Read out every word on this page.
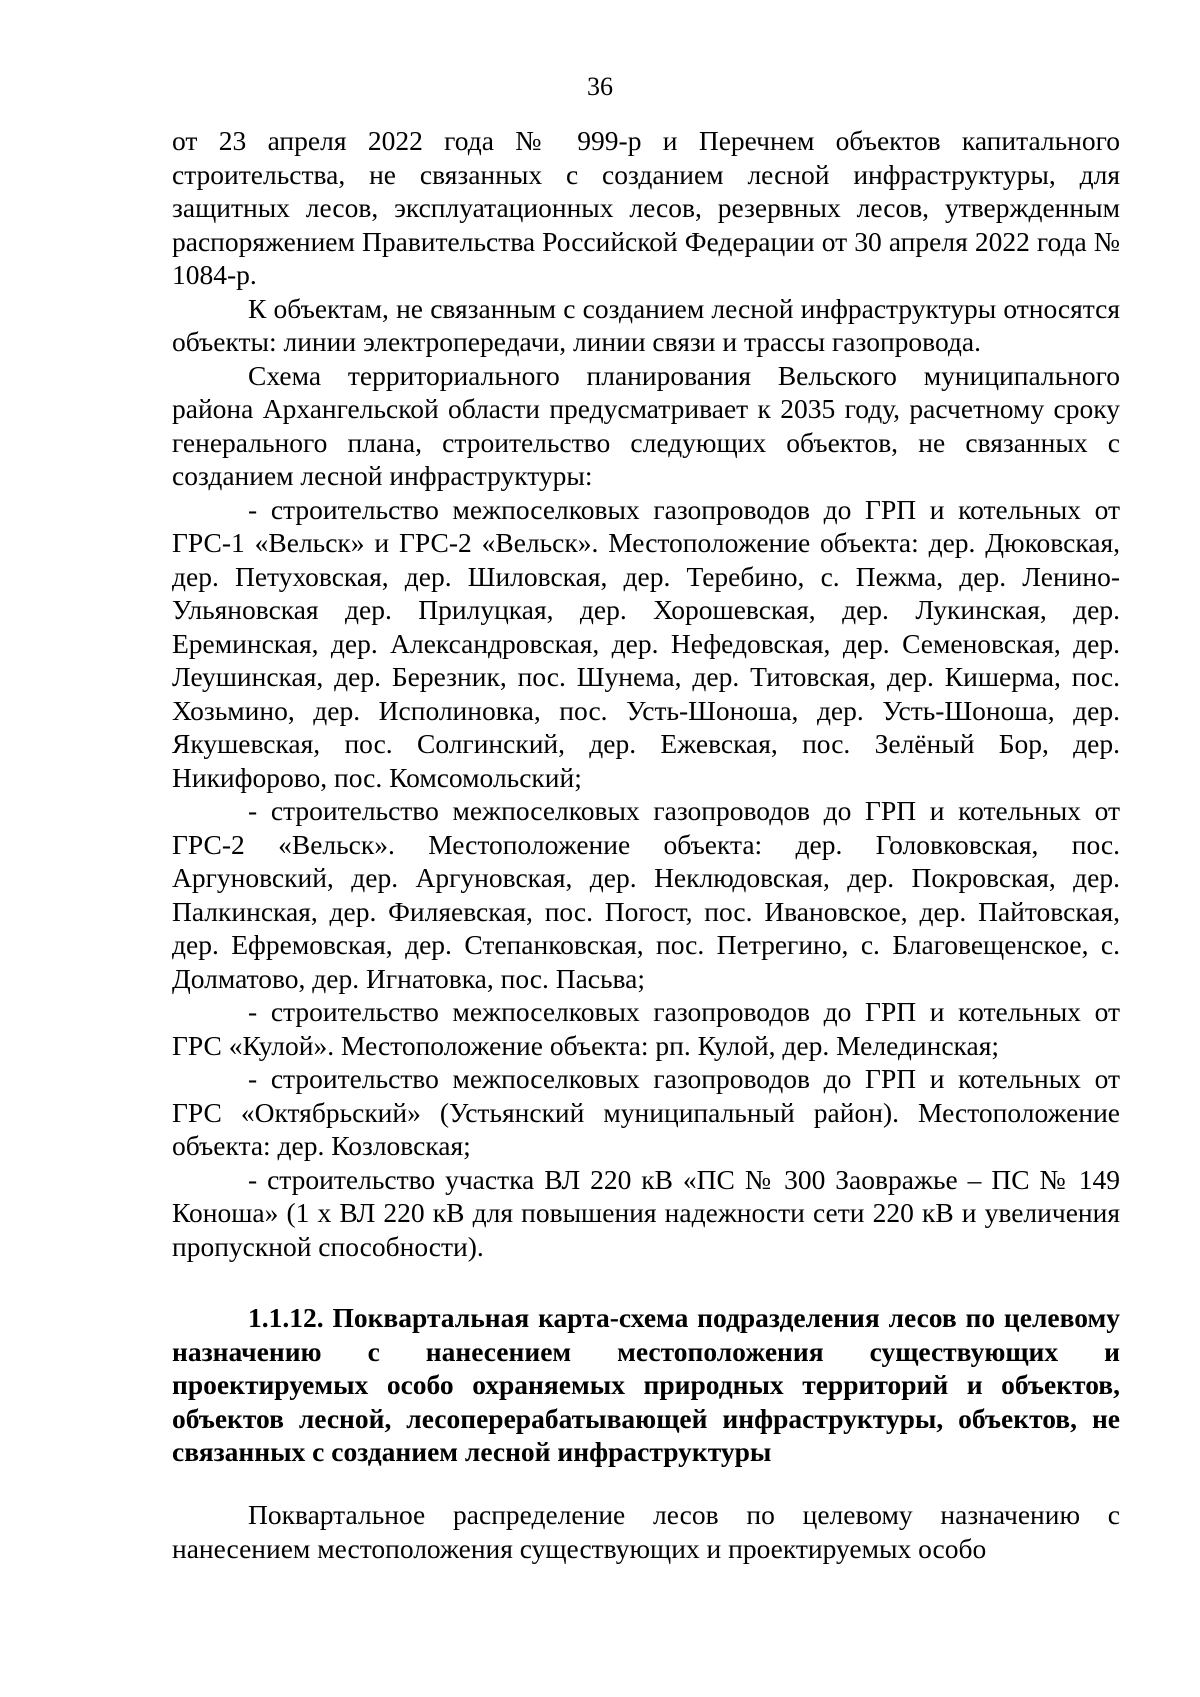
36

от 23 апреля 2022 года № 999-р и Перечнем объектов капитального строительства, не связанных с созданием лесной инфраструктуры, для защитных лесов, эксплуатационных лесов, резервных лесов, утвержденным распоряжением Правительства Российской Федерации от 30 апреля 2022 года № 1084-р.

К объектам, не связанным с созданием лесной инфраструктуры относятся объекты: линии электропередачи, линии связи и трассы газопровода.

Схема территориального планирования Вельского муниципального района Архангельской области предусматривает к 2035 году, расчетному сроку генерального плана, строительство следующих объектов, не связанных с созданием лесной инфраструктуры:

- строительство межпоселковых газопроводов до ГРП и котельных от ГРС-1 «Вельск» и ГРС-2 «Вельск». Местоположение объекта: дер. Дюковская, дер. Петуховская, дер. Шиловская, дер. Теребино, с. Пежма, дер. Ленино-Ульяновская дер. Прилуцкая, дер. Хорошевская, дер. Лукинская, дер. Ереминская, дер. Александровская, дер. Нефедовская, дер. Семеновская, дер. Леушинская, дер. Березник, пос. Шунема, дер. Титовская, дер. Кишерма, пос. Хозьмино, дер. Исполиновка, пос. Усть-Шоноша, дер. Усть-Шоноша, дер. Якушевская, пос. Солгинский, дер. Ежевская, пос. Зелёный Бор, дер. Никифорово, пос. Комсомольский;

- строительство межпоселковых газопроводов до ГРП и котельных от ГРС-2 «Вельск». Местоположение объекта: дер. Головковская, пос. Аргуновский, дер. Аргуновская, дер. Неклюдовская, дер. Покровская, дер. Палкинская, дер. Филяевская, пос. Погост, пос. Ивановское, дер. Пайтовская, дер. Ефремовская, дер. Степанковская, пос. Петрегино, с. Благовещенское, с. Долматово, дер. Игнатовка, пос. Пасьва;

- строительство межпоселковых газопроводов до ГРП и котельных от ГРС «Кулой». Местоположение объекта: рп. Кулой, дер. Мелединская;

- строительство межпоселковых газопроводов до ГРП и котельных от ГРС «Октябрьский» (Устьянский муниципальный район). Местоположение объекта: дер. Козловская;

- строительство участка ВЛ 220 кВ «ПС № 300 Заовражье – ПС № 149 Коноша» (1 х ВЛ 220 кВ для повышения надежности сети 220 кВ и увеличения пропускной способности).

1.1.12. Поквартальная карта-схема подразделения лесов по целевому назначению с нанесением местоположения существующих и проектируемых особо охраняемых природных территорий и объектов, объектов лесной, лесоперерабатывающей инфраструктуры, объектов, не связанных с созданием лесной инфраструктуры

Поквартальное распределение лесов по целевому назначению с нанесением местоположения существующих и проектируемых особо
